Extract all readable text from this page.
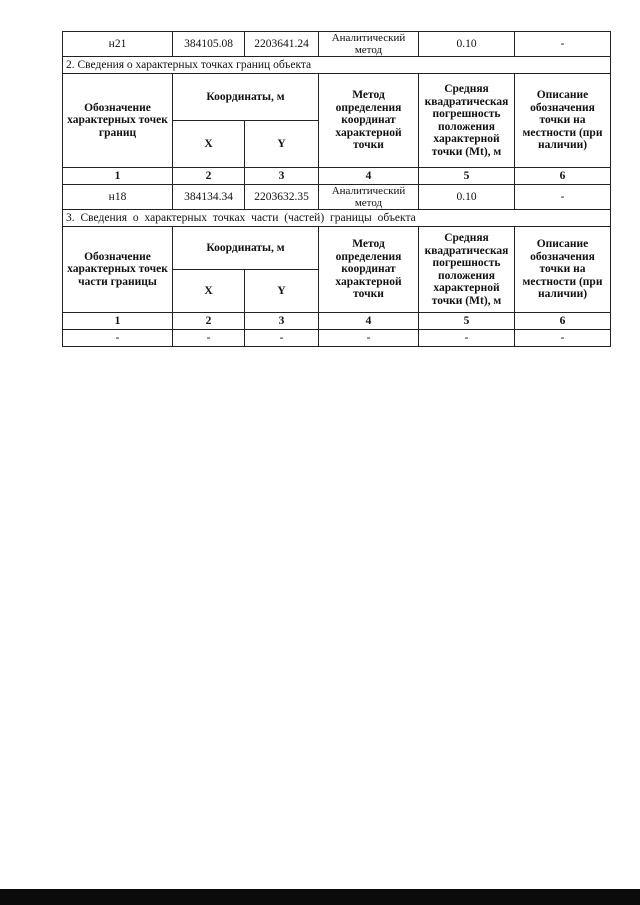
н21	384105.08	2203641.24	Аналитический метод	0.10	-
2. Сведения о характерных точках границ объекта					
Обозначение характерных точек границ	Координаты, м		Метод определения координат характерной точки	Средняя квадратическая погрешность положения характерной точки (Mt), м	Описание обозначения точки на местности (при наличии)
	X	Y			
1	2	3	4	5	6
н18	384134.34	2203632.35	Аналитический метод	0.10	-
3. Сведения о характерных точках части (частей) границы объекта					
Обозначение характерных точек части границы	Координаты, м		Метод определения координат характерной точки	Средняя квадратическая погрешность положения характерной точки (Mt), м	Описание обозначения точки на местности (при наличии)
	X	Y			
1	2	3	4	5	6
-	-	-	-	-	-
